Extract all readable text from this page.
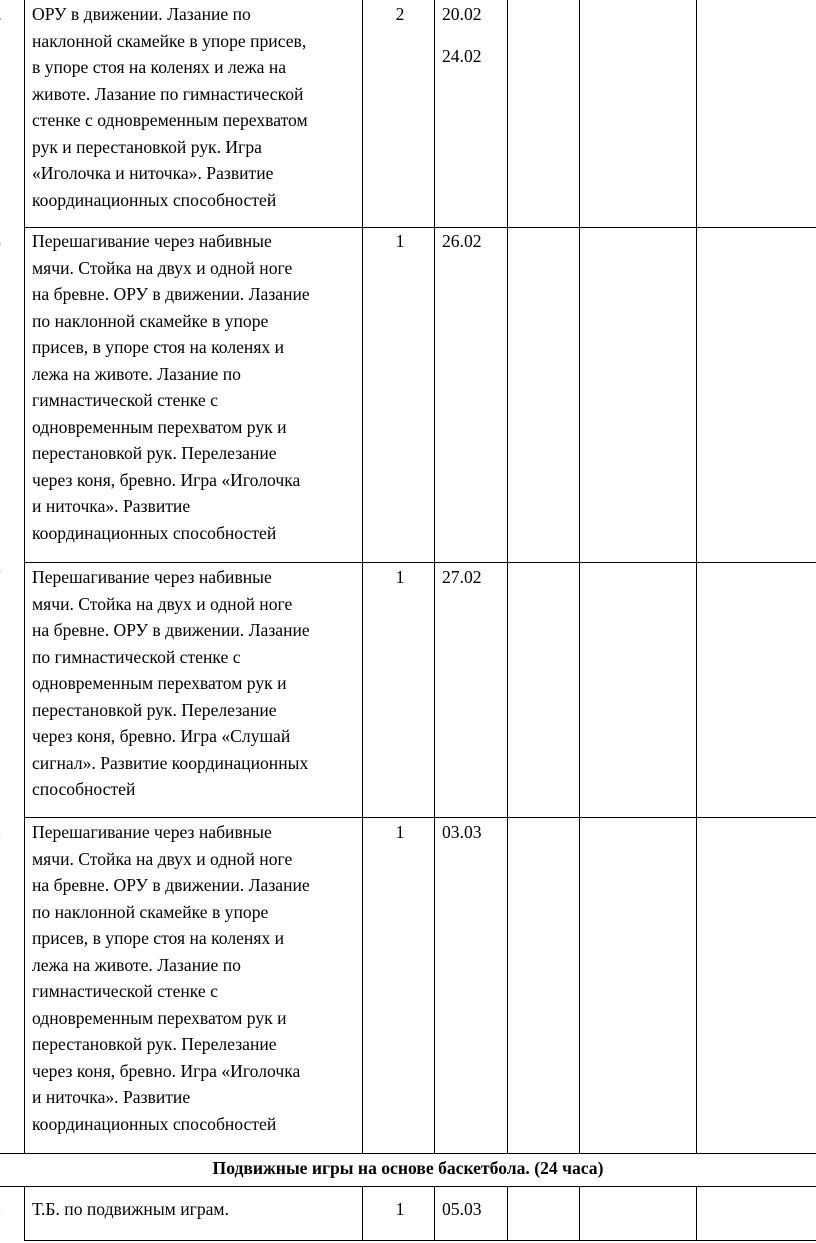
ОРУ в движении. Лазание по
наклонной скамейке в упоре присев,
в упоре стоя на коленях и лежа на
животе. Лазание по гимнастической
стенке с одновременным перехватом
рук и перестановкой рук. Игра
«Иголочка и ниточка». Развитие
координационных способностей
2	20.02
24.02
Перешагивание через набивные
мячи. Стойка на двух и одной ноге
на бревне. ОРУ в движении. Лазание
по наклонной скамейке в упоре
присев, в упоре стоя на коленях и
лежа на животе. Лазание по
гимнастической стенке с
одновременным перехватом рук и
перестановкой рук. Перелезание
через коня, бревно. Игра «Иголочка
и ниточка». Развитие
координационных способностей
1	26.02
Перешагивание через набивные
мячи. Стойка на двух и одной ноге
на бревне. ОРУ в движении. Лазание
по гимнастической стенке с
одновременным перехватом рук и
перестановкой рук. Перелезание
через коня, бревно. Игра «Слушай
сигнал». Развитие координационных
способностей
1	27.02
Перешагивание через набивные
мячи. Стойка на двух и одной ноге
на бревне. ОРУ в движении. Лазание
по наклонной скамейке в упоре
присев, в упоре стоя на коленях и
лежа на животе. Лазание по
гимнастической стенке с
одновременным перехватом рук и
перестановкой рук. Перелезание
через коня, бревно. Игра «Иголочка
и ниточка». Развитие
координационных способностей
1	03.03
Подвижные игры на основе баскетбола. (24 часа)
Т.Б. по подвижным играм.	1	05.03
